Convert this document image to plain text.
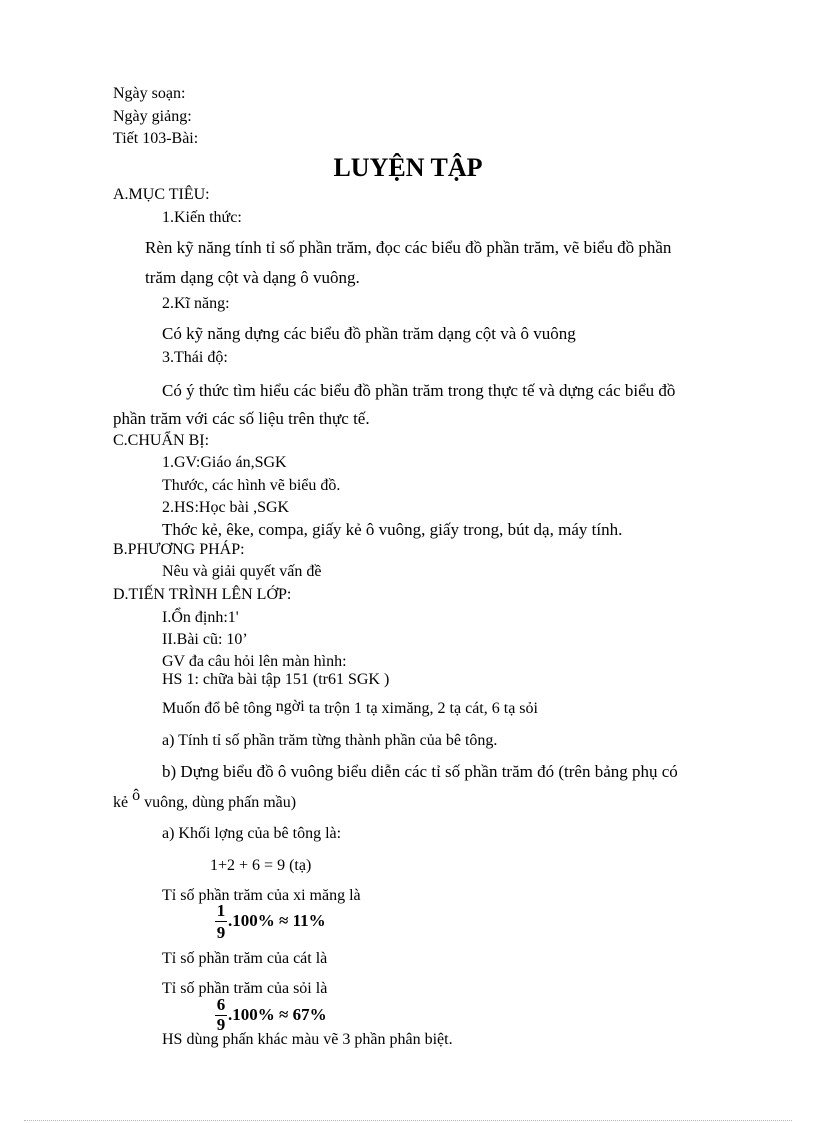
Ngày soạn:
Ngày giảng:
Tiết 103-Bài:
LUYỆN TẬP
A.MỤC TIÊU:
1.Kiến thức:
Rèn kỹ năng tính tỉ số phần trăm, đọc các biểu đồ phần trăm, vẽ biểu đồ phần
trăm dạng cột và dạng ô vuông.
2.Kĩ năng:
Có kỹ năng dựng các biểu đồ phần trăm dạng cột và ô vuông
3.Thái độ:
Có ý thức tìm hiểu các biểu đồ phần trăm trong thực tế và dựng các biểu đồ
phần trăm với các số liệu trên thực tế.
C.CHUẨN BỊ:
1.GV:Giáo án,SGK
Thước, các hình vẽ biểu đồ.
2.HS:Học bài ,SGK
Thớc kẻ, êke, compa, giấy kẻ ô vuông, giấy trong, bút dạ, máy tính.
B.PHƯƠNG PHÁP:
Nêu và giải quyết vấn đề
D.TIẾN TRÌNH LÊN LỚP:
I.Ổn định:1'
II.Bài cũ: 10’
GV đa câu hỏi lên màn hình:
HS 1: chữa bài tập 151 (tr61 SGK )
Muốn đổ bê tông ngời ta trộn 1 tạ ximăng, 2 tạ cát, 6 tạ sỏi
a) Tính tỉ số phần trăm từng thành phần của bê tông.
b) Dựng biểu đồ ô vuông biểu diễn các tỉ số phần trăm đó (trên bảng phụ có
kẻ ô vuông, dùng phấn mầu)
a) Khối lợng của bê tông là:
1+2 + 6 = 9 (tạ)
Tỉ số phần trăm của xi măng là
1
9
.100% ≈ 11%
Tỉ số phần trăm của cát là
Tỉ số phần trăm của sỏi là
6
9
.100% ≈ 67%
HS dùng phấn khác màu vẽ 3 phần phân biệt.
